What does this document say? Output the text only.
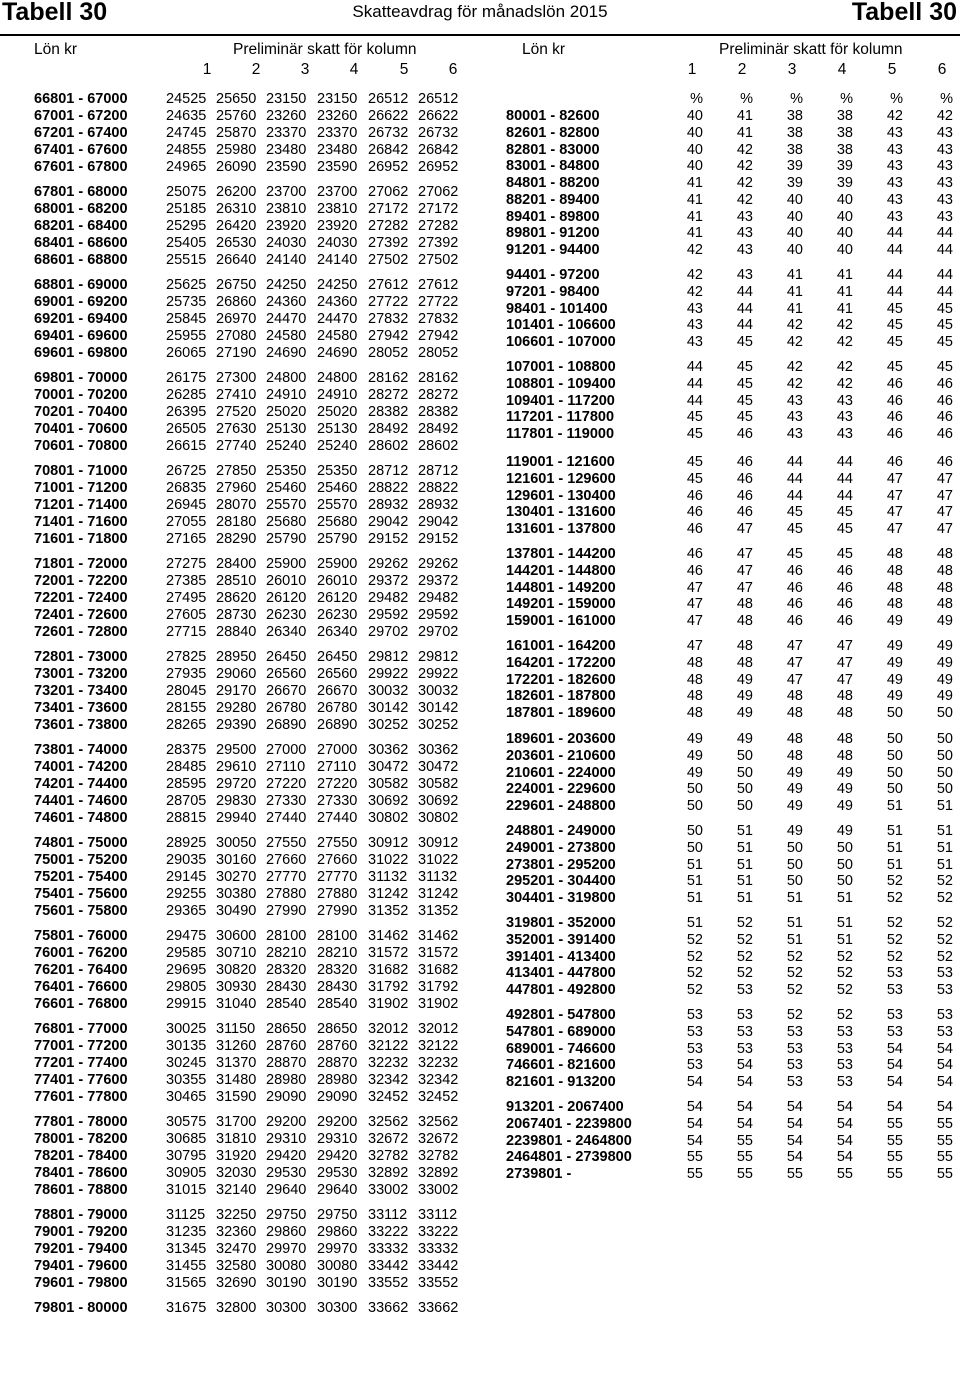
Tabell 30	Skatteavdrag för månadslön 2015	Tabell 30
Lön kr	Preliminär skatt för kolumn	Lön kr	Preliminär skatt för kolumn
1	2	3	4	5	6	1	2	3	4	5	6
%	%	%	%	%	%
66801 - 67000	24525 25650 23150 23150 26512 26512
67001 - 67200	24635 25760 23260 23260 26622 26622
67201 - 67400	24745 25870 23370 23370 26732 26732
67401 - 67600	24855 25980 23480 23480 26842 26842
67601 - 67800	24965 26090 23590 23590 26952 26952
67801 - 68000	25075 26200 23700 23700 27062 27062
68001 - 68200	25185 26310 23810 23810 27172 27172
68201 - 68400	25295 26420 23920 23920 27282 27282
68401 - 68600	25405 26530 24030 24030 27392 27392
68601 - 68800	25515 26640 24140 24140 27502 27502
68801 - 69000	25625 26750 24250 24250 27612 27612
69001 - 69200	25735 26860 24360 24360 27722 27722
69201 - 69400	25845 26970 24470 24470 27832 27832
69401 - 69600	25955 27080 24580 24580 27942 27942
69601 - 69800	26065 27190 24690 24690 28052 28052
69801 - 70000	26175 27300 24800 24800 28162 28162
70001 - 70200	26285 27410 24910 24910 28272 28272
70201 - 70400	26395 27520 25020 25020 28382 28382
70401 - 70600	26505 27630 25130 25130 28492 28492
70601 - 70800	26615 27740 25240 25240 28602 28602
70801 - 71000	26725 27850 25350 25350 28712 28712
71001 - 71200	26835 27960 25460 25460 28822 28822
71201 - 71400	26945 28070 25570 25570 28932 28932
71401 - 71600	27055 28180 25680 25680 29042 29042
71601 - 71800	27165 28290 25790 25790 29152 29152
71801 - 72000	27275 28400 25900 25900 29262 29262
72001 - 72200	27385 28510 26010 26010 29372 29372
72201 - 72400	27495 28620 26120 26120 29482 29482
72401 - 72600	27605 28730 26230 26230 29592 29592
72601 - 72800	27715 28840 26340 26340 29702 29702
72801 - 73000	27825 28950 26450 26450 29812 29812
73001 - 73200	27935 29060 26560 26560 29922 29922
73201 - 73400	28045 29170 26670 26670 30032 30032
73401 - 73600	28155 29280 26780 26780 30142 30142
73601 - 73800	28265 29390 26890 26890 30252 30252
73801 - 74000	28375 29500 27000 27000 30362 30362
74001 - 74200	28485 29610 27110 27110 30472 30472
74201 - 74400	28595 29720 27220 27220 30582 30582
74401 - 74600	28705 29830 27330 27330 30692 30692
74601 - 74800	28815 29940 27440 27440 30802 30802
74801 - 75000	28925 30050 27550 27550 30912 30912
75001 - 75200	29035 30160 27660 27660 31022 31022
75201 - 75400	29145 30270 27770 27770 31132 31132
75401 - 75600	29255 30380 27880 27880 31242 31242
75601 - 75800	29365 30490 27990 27990 31352 31352
75801 - 76000	29475 30600 28100 28100 31462 31462
76001 - 76200	29585 30710 28210 28210 31572 31572
76201 - 76400	29695 30820 28320 28320 31682 31682
76401 - 76600	29805 30930 28430 28430 31792 31792
76601 - 76800	29915 31040 28540 28540 31902 31902
76801 - 77000	30025 31150 28650 28650 32012 32012
77001 - 77200	30135 31260 28760 28760 32122 32122
77201 - 77400	30245 31370 28870 28870 32232 32232
77401 - 77600	30355 31480 28980 28980 32342 32342
77601 - 77800	30465 31590 29090 29090 32452 32452
77801 - 78000	30575 31700 29200 29200 32562 32562
78001 - 78200	30685 31810 29310 29310 32672 32672
78201 - 78400	30795 31920 29420 29420 32782 32782
78401 - 78600	30905 32030 29530 29530 32892 32892
78601 - 78800	31015 32140 29640 29640 33002 33002
78801 - 79000	31125 32250 29750 29750 33112 33112
79001 - 79200	31235 32360 29860 29860 33222 33222
79201 - 79400	31345 32470 29970 29970 33332 33332
79401 - 79600	31455 32580 30080 30080 33442 33442
79601 - 79800	31565 32690 30190 30190 33552 33552
79801 - 80000	31675 32800 30300 30300 33662 33662
80001 - 82600	40	41	38	38	42	42
82601 - 82800	40	41	38	38	43	43
82801 - 83000	40	42	38	38	43	43
83001 - 84800	40	42	39	39	43	43
84801 - 88200	41	42	39	39	43	43
88201 - 89400	41	42	40	40	43	43
89401 - 89800	41	43	40	40	43	43
89801 - 91200	41	43	40	40	44	44
91201 - 94400	42	43	40	40	44	44
94401 - 97200	42	43	41	41	44	44
97201 - 98400	42	44	41	41	44	44
98401 - 101400	43	44	41	41	45	45
101401 - 106600	43	44	42	42	45	45
106601 - 107000	43	45	42	42	45	45
107001 - 108800	44	45	42	42	45	45
108801 - 109400	44	45	42	42	46	46
109401 - 117200	44	45	43	43	46	46
117201 - 117800	45	45	43	43	46	46
117801 - 119000	45	46	43	43	46	46
119001 - 121600	45	46	44	44	46	46
121601 - 129600	45	46	44	44	47	47
129601 - 130400	46	46	44	44	47	47
130401 - 131600	46	46	45	45	47	47
131601 - 137800	46	47	45	45	47	47
137801 - 144200	46	47	45	45	48	48
144201 - 144800	46	47	46	46	48	48
144801 - 149200	47	47	46	46	48	48
149201 - 159000	47	48	46	46	48	48
159001 - 161000	47	48	46	46	49	49
161001 - 164200	47	48	47	47	49	49
164201 - 172200	48	48	47	47	49	49
172201 - 182600	48	49	47	47	49	49
182601 - 187800	48	49	48	48	49	49
187801 - 189600	48	49	48	48	50	50
189601 - 203600	49	49	48	48	50	50
203601 - 210600	49	50	48	48	50	50
210601 - 224000	49	50	49	49	50	50
224001 - 229600	50	50	49	49	50	50
229601 - 248800	50	50	49	49	51	51
248801 - 249000	50	51	49	49	51	51
249001 - 273800	50	51	50	50	51	51
273801 - 295200	51	51	50	50	51	51
295201 - 304400	51	51	50	50	52	52
304401 - 319800	51	51	51	51	52	52
319801 - 352000	51	52	51	51	52	52
352001 - 391400	52	52	51	51	52	52
391401 - 413400	52	52	52	52	52	52
413401 - 447800	52	52	52	52	53	53
447801 - 492800	52	53	52	52	53	53
492801 - 547800	53	53	52	52	53	53
547801 - 689000	53	53	53	53	53	53
689001 - 746600	53	53	53	53	54	54
746601 - 821600	53	54	53	53	54	54
821601 - 913200	54	54	53	53	54	54
913201 - 2067400	54	54	54	54	54	54
2067401 - 2239800	54	54	54	54	55	55
2239801 - 2464800	54	55	54	54	55	55
2464801 - 2739800	55	55	54	54	55	55
2739801 -	55	55	55	55	55	55
